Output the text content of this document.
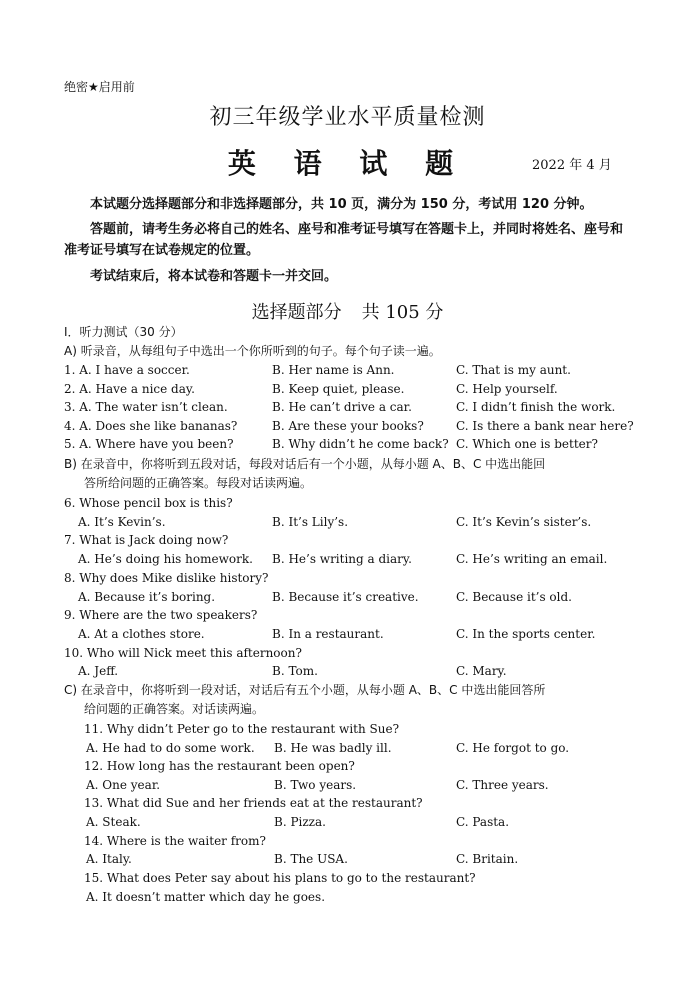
绝密★启用前
初三年级学业水平质量检测
英 语 试 题	2022 年 4 月
本试题分选择题部分和非选择题部分，共 10 页，满分为 150 分，考试用 120 分钟。
答题前，请考生务必将自己的姓名、座号和准考证号填写在答题卡上，并同时将姓名、座号和准考证号填写在试卷规定的位置。
考试结束后，将本试卷和答题卡一并交回。
选择题部分 共 105 分
I．听力测试（30 分）
A) 听录音，从每组句子中选出一个你所听到的句子。每个句子读一遍。
1. A. I have a soccer.	B. Her name is Ann.	C. That is my aunt.
2. A. Have a nice day.	B. Keep quiet, please.	C. Help yourself.
3. A. The water isn’t clean.	B. He can’t drive a car.	C. I didn’t finish the work.
4. A. Does she like bananas?	B. Are these your books?	C. Is there a bank near here?
5. A. Where have you been?	B. Why didn’t he come back? C. Which one is better?
B) 在录音中，你将听到五段对话，每段对话后有一个小题，从每小题 A、B、C 中选出能回
答所给问题的正确答案。每段对话读两遍。
6. Whose pencil box is this?
A. It’s Kevin’s.	B. It’s Lily’s.	C. It’s Kevin’s sister’s.
7. What is Jack doing now?
A. He’s doing his homework. B. He’s writing a diary.	C. He’s writing an email.
8. Why does Mike dislike history?
A. Because it’s boring.	B. Because it’s creative.	C. Because it’s old.
9. Where are the two speakers?
A. At a clothes store.	B. In a restaurant.	C. In the sports center.
10. Who will Nick meet this afternoon?
A. Jeff.	B. Tom.	C. Mary.
C) 在录音中，你将听到一段对话，对话后有五个小题，从每小题 A、B、C 中选出能回答所
给问题的正确答案。对话读两遍。
11. Why didn’t Peter go to the restaurant with Sue?
A. He had to do some work. B. He was badly ill.	C. He forgot to go.
12. How long has the restaurant been open?
A. One year.	B. Two years.	C. Three years.
13. What did Sue and her friends eat at the restaurant?
A. Steak.	B. Pizza.	C. Pasta.
14. Where is the waiter from?
A. Italy.	B. The USA.	C. Britain.
15. What does Peter say about his plans to go to the restaurant?
A. It doesn’t matter which day he goes.
